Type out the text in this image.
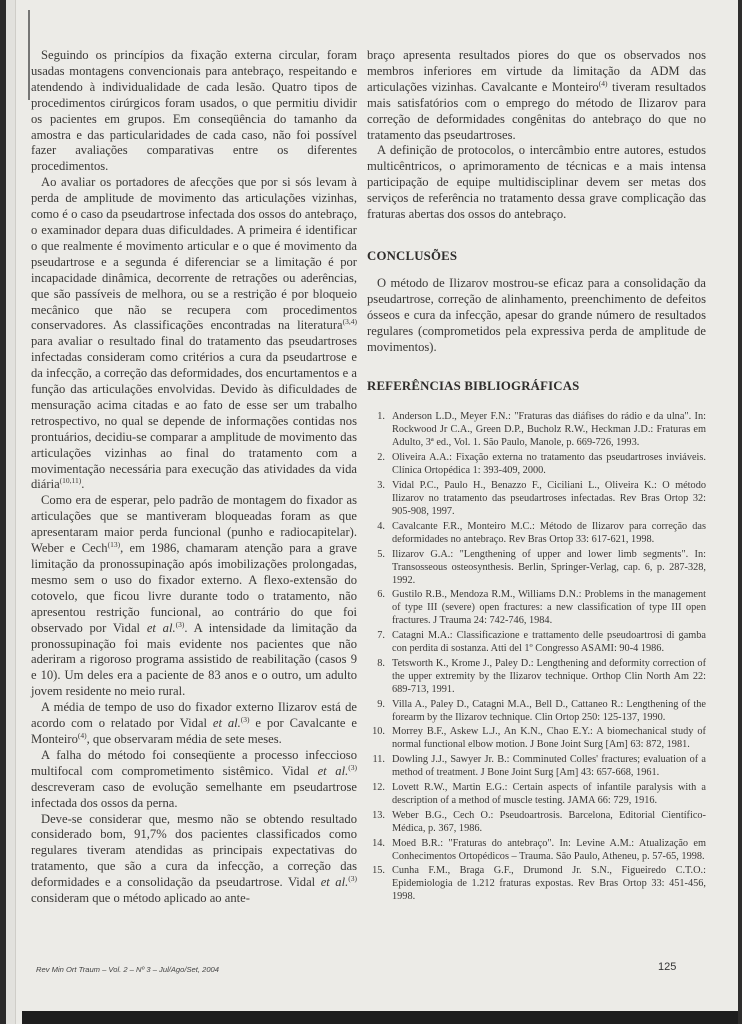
Seguindo os princípios da fixação externa circular, foram usadas montagens convencionais para antebraço, respeitando e atendendo à individualidade de cada lesão. Quatro tipos de procedimentos cirúrgicos foram usados, o que permitiu dividir os pacientes em grupos. Em conseqüência do tamanho da amostra e das particularidades de cada caso, não foi possível fazer avaliações comparativas entre os diferentes procedimentos.

Ao avaliar os portadores de afecções que por si sós levam à perda de amplitude de movimento das articulações vizinhas, como é o caso da pseudartrose infectada dos ossos do antebraço, o examinador depara duas dificuldades. A primeira é identificar o que realmente é movimento articular e o que é movimento da pseudartrose e a segunda é diferenciar se a limitação é por incapacidade dinâmica, decorrente de retrações ou aderências, que são passíveis de melhora, ou se a restrição é por bloqueio mecânico que não se recupera com procedimentos conservadores. As classificações encontradas na literatura$^{(3,4)}$ para avaliar o resultado final do tratamento das pseudartroses infectadas consideram como critérios a cura da pseudartrose e da infecção, a correção das deformidades, dos encurtamentos e a função das articulações envolvidas. Devido às dificuldades de mensuração acima citadas e ao fato de esse ser um trabalho retrospectivo, no qual se depende de informações contidas nos prontuários, decidiu-se comparar a amplitude de movimento das articulações vizinhas ao final do tratamento com a movimentação necessária para execução das atividades da vida diária$^{(10,11)}$.

Como era de esperar, pelo padrão de montagem do fixador as articulações que se mantiveram bloqueadas foram as que apresentaram maior perda funcional (punho e radiocapitelar). Weber e Cech$^{(13)}$, em 1986, chamaram atenção para a grave limitação da pronossupinação após imobilizações prolongadas, mesmo sem o uso do fixador externo. A flexo-extensão do cotovelo, que ficou livre durante todo o tratamento, não apresentou restrição funcional, ao contrário do que foi observado por Vidal et al.$^{(3)}$. A intensidade da limitação da pronossupinação foi mais evidente nos pacientes que não aderiram a rigoroso programa assistido de reabilitação (casos 9 e 10). Um deles era a paciente de 83 anos e o outro, um adulto jovem residente no meio rural.

A média de tempo de uso do fixador externo Ilizarov está de acordo com o relatado por Vidal et al.$^{(3)}$ e por Cavalcante e Monteiro$^{(4)}$, que observaram média de sete meses.

A falha do método foi conseqüente a processo infeccioso multifocal com comprometimento sistêmico. Vidal et al.$^{(3)}$ descreveram caso de evolução semelhante em pseudartrose infectada dos ossos da perna.

Deve-se considerar que, mesmo não se obtendo resultado considerado bom, 91,7% dos pacientes classificados como regulares tiveram atendidas as principais expectativas do tratamento, que são a cura da infecção, a correção das deformidades e a consolidação da pseudartrose. Vidal et al.$^{(3)}$ consideram que o método aplicado ao ante-

braço apresenta resultados piores do que os observados nos membros inferiores em virtude da limitação da ADM das articulações vizinhas. Cavalcante e Monteiro$^{(4)}$ tiveram resultados mais satisfatórios com o emprego do método de Ilizarov para correção de deformidades congênitas do antebraço do que no tratamento das pseudartroses.

A definição de protocolos, o intercâmbio entre autores, estudos multicêntricos, o aprimoramento de técnicas e a mais intensa participação de equipe multidisciplinar devem ser metas dos serviços de referência no tratamento dessa grave complicação das fraturas abertas dos ossos do antebraço.

CONCLUSÕES

O método de Ilizarov mostrou-se eficaz para a consolidação da pseudartrose, correção de alinhamento, preenchimento de defeitos ósseos e cura da infecção, apesar do grande número de resultados regulares (comprometidos pela expressiva perda de amplitude de movimentos).

REFERÊNCIAS BIBLIOGRÁFICAS
1. Anderson L.D., Meyer F.N.: "Fraturas das diáfises do rádio e da ulna". In: Rockwood Jr C.A., Green D.P., Bucholz R.W., Heckman J.D.: Fraturas em Adulto, 3ª ed., Vol. 1. São Paulo, Manole, p. 669-726, 1993.
2. Oliveira A.A.: Fixação externa no tratamento das pseudartroses inviáveis. Clínica Ortopédica 1: 393-409, 2000.
3. Vidal P.C., Paulo H., Benazzo F., Ciciliani L., Oliveira K.: O método Ilizarov no tratamento das pseudartroses infectadas. Rev Bras Ortop 32: 905-908, 1997.
4. Cavalcante F.R., Monteiro M.C.: Método de Ilizarov para correção das deformidades no antebraço. Rev Bras Ortop 33: 617-621, 1998.
5. Ilizarov G.A.: "Lengthening of upper and lower limb segments". In: Transosseous osteosynthesis. Berlin, Springer-Verlag, cap. 6, p. 287-328, 1992.
6. Gustilo R.B., Mendoza R.M., Williams D.N.: Problems in the management of type III (severe) open fractures: a new classification of type III open fractures. J Trauma 24: 742-746, 1984.
7. Catagni M.A.: Classificazione e trattamento delle pseudoartrosi di gamba con perdita di sostanza. Atti del 1º Congresso ASAMI: 90-4 1986.
8. Tetsworth K., Krome J., Paley D.: Lengthening and deformity correction of the upper extremity by the Ilizarov technique. Orthop Clin North Am 22: 689-713, 1991.
9. Villa A., Paley D., Catagni M.A., Bell D., Cattaneo R.: Lengthening of the forearm by the Ilizarov technique. Clin Ortop 250: 125-137, 1990.
10. Morrey B.F., Askew L.J., An K.N., Chao E.Y.: A biomechanical study of normal functional elbow motion. J Bone Joint Surg [Am] 63: 872, 1981.
11. Dowling J.J., Sawyer Jr. B.: Comminuted Colles' fractures; evaluation of a method of treatment. J Bone Joint Surg [Am] 43: 657-668, 1961.
12. Lovett R.W., Martin E.G.: Certain aspects of infantile paralysis with a description of a method of muscle testing. JAMA 66: 729, 1916.
13. Weber B.G., Cech O.: Pseudoartrosis. Barcelona, Editorial Científico-Médica, p. 367, 1986.
14. Moed B.R.: "Fraturas do antebraço". In: Levine A.M.: Atualização em Conhecimentos Ortopédicos – Trauma. São Paulo, Atheneu, p. 57-65, 1998.
15. Cunha F.M., Braga G.F., Drumond Jr. S.N., Figueiredo C.T.O.: Epidemiologia de 1.212 fraturas expostas. Rev Bras Ortop 33: 451-456, 1998.
Rev Min Ort Traum – Vol. 2 – Nº 3 – Jul/Ago/Set, 2004	125
